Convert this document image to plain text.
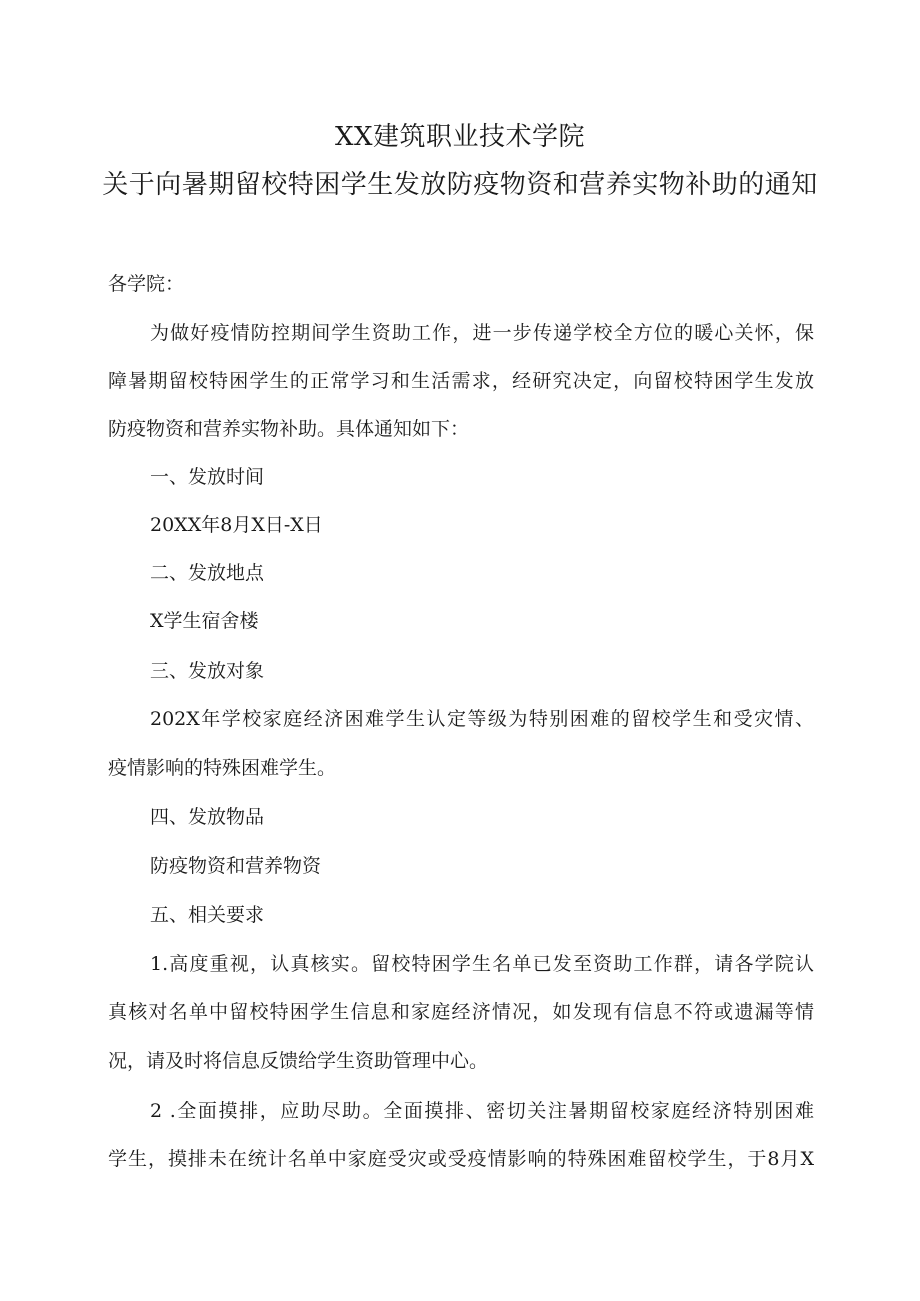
XX建筑职业技术学院
关于向暑期留校特困学生发放防疫物资和营养实物补助的通知
各学院：
为做好疫情防控期间学生资助工作，进一步传递学校全方位的暖心关怀，保
障暑期留校特困学生的正常学习和生活需求，经研究决定，向留校特困学生发放
防疫物资和营养实物补助。具体通知如下：
一、发放时间
20XX年8月X日-X日
二、发放地点
X学生宿舍楼
三、发放对象
202X年学校家庭经济困难学生认定等级为特别困难的留校学生和受灾情、
疫情影响的特殊困难学生。
四、发放物品
防疫物资和营养物资
五、相关要求
1.高度重视，认真核实。留校特困学生名单已发至资助工作群，请各学院认
真核对名单中留校特困学生信息和家庭经济情况，如发现有信息不符或遗漏等情
况，请及时将信息反馈给学生资助管理中心。
2 .全面摸排，应助尽助。全面摸排、密切关注暑期留校家庭经济特别困难
学生，摸排未在统计名单中家庭受灾或受疫情影响的特殊困难留校学生，于8月X
